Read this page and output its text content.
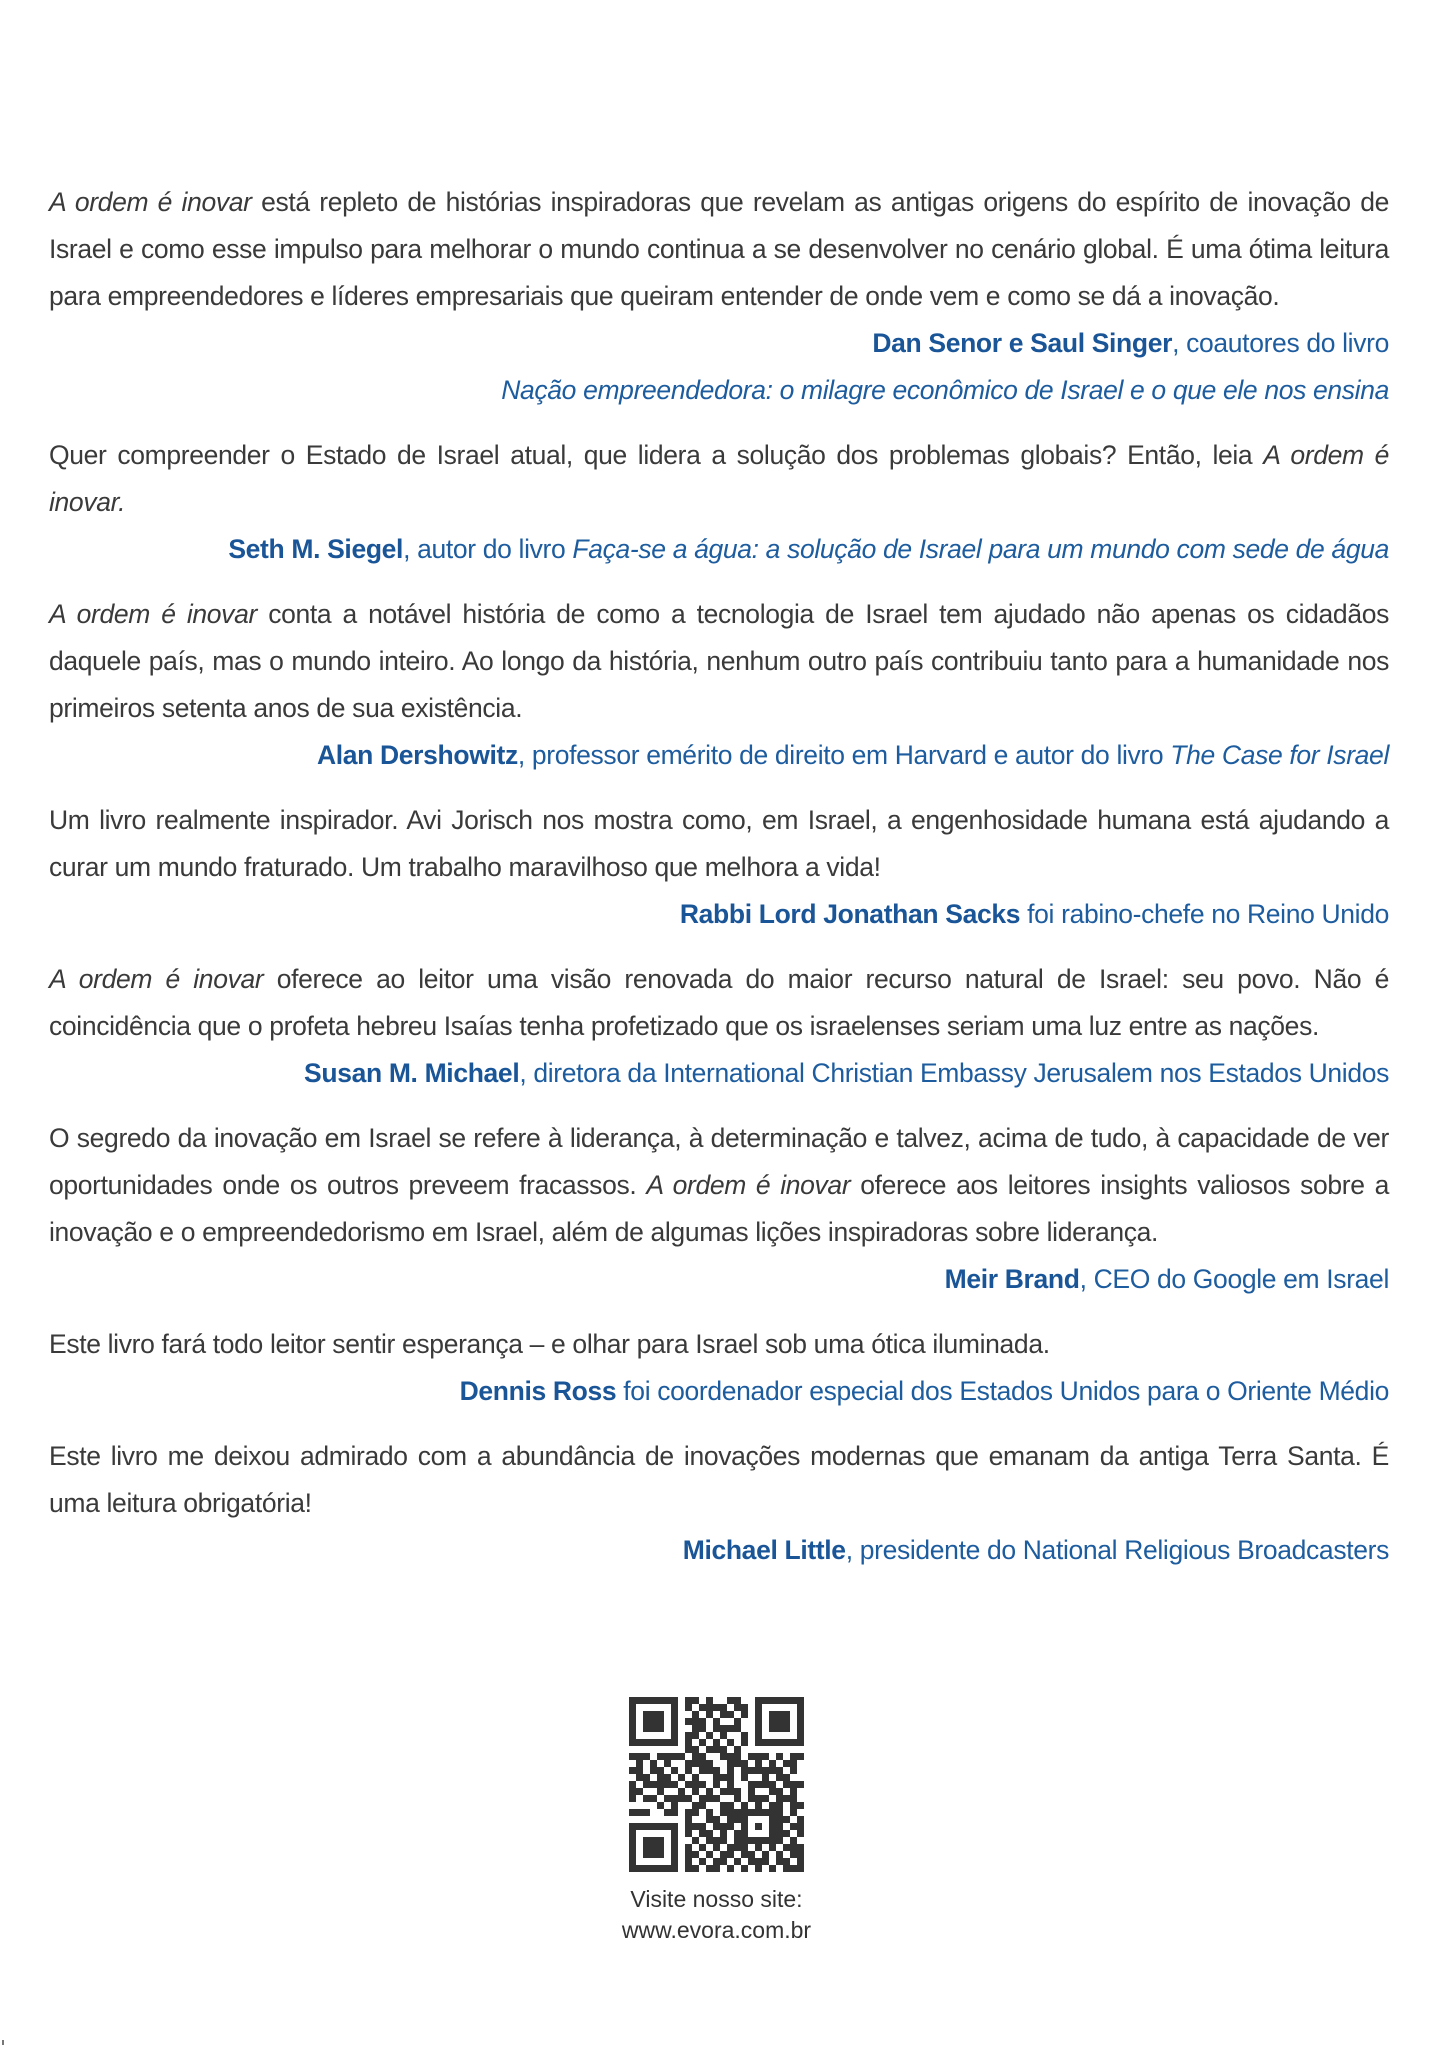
A ordem é inovar está repleto de histórias inspiradoras que revelam as antigas origens do espírito de inovação de Israel e como esse impulso para melhorar o mundo continua a se desenvolver no cenário global. É uma ótima leitura para empreendedores e líderes empresariais que queiram entender de onde vem e como se dá a inovação.

Dan Senor e Saul Singer, coautores do livro
Nação empreendedora: o milagre econômico de Israel e o que ele nos ensina

Quer compreender o Estado de Israel atual, que lidera a solução dos problemas globais? Então, leia A ordem é inovar.

Seth M. Siegel, autor do livro Faça-se a água: a solução de Israel para um mundo com sede de água

A ordem é inovar conta a notável história de como a tecnologia de Israel tem ajudado não apenas os cidadãos daquele país, mas o mundo inteiro. Ao longo da história, nenhum outro país contribuiu tanto para a humanidade nos primeiros setenta anos de sua existência.

Alan Dershowitz, professor emérito de direito em Harvard e autor do livro The Case for Israel

Um livro realmente inspirador. Avi Jorisch nos mostra como, em Israel, a engenhosidade humana está ajudando a curar um mundo fraturado. Um trabalho maravilhoso que melhora a vida!

Rabbi Lord Jonathan Sacks foi rabino-chefe no Reino Unido

A ordem é inovar oferece ao leitor uma visão renovada do maior recurso natural de Israel: seu povo. Não é coincidência que o profeta hebreu Isaías tenha profetizado que os israelenses seriam uma luz entre as nações.

Susan M. Michael, diretora da International Christian Embassy Jerusalem nos Estados Unidos

O segredo da inovação em Israel se refere à liderança, à determinação e talvez, acima de tudo, à capacidade de ver oportunidades onde os outros preveem fracassos. A ordem é inovar oferece aos leitores insights valiosos sobre a inovação e o empreendedorismo em Israel, além de algumas lições inspiradoras sobre liderança.

Meir Brand, CEO do Google em Israel

Este livro fará todo leitor sentir esperança – e olhar para Israel sob uma ótica iluminada.

Dennis Ross foi coordenador especial dos Estados Unidos para o Oriente Médio

Este livro me deixou admirado com a abundância de inovações modernas que emanam da antiga Terra Santa. É uma leitura obrigatória!

Michael Little, presidente do National Religious Broadcasters

Visite nosso site:
www.evora.com.br
